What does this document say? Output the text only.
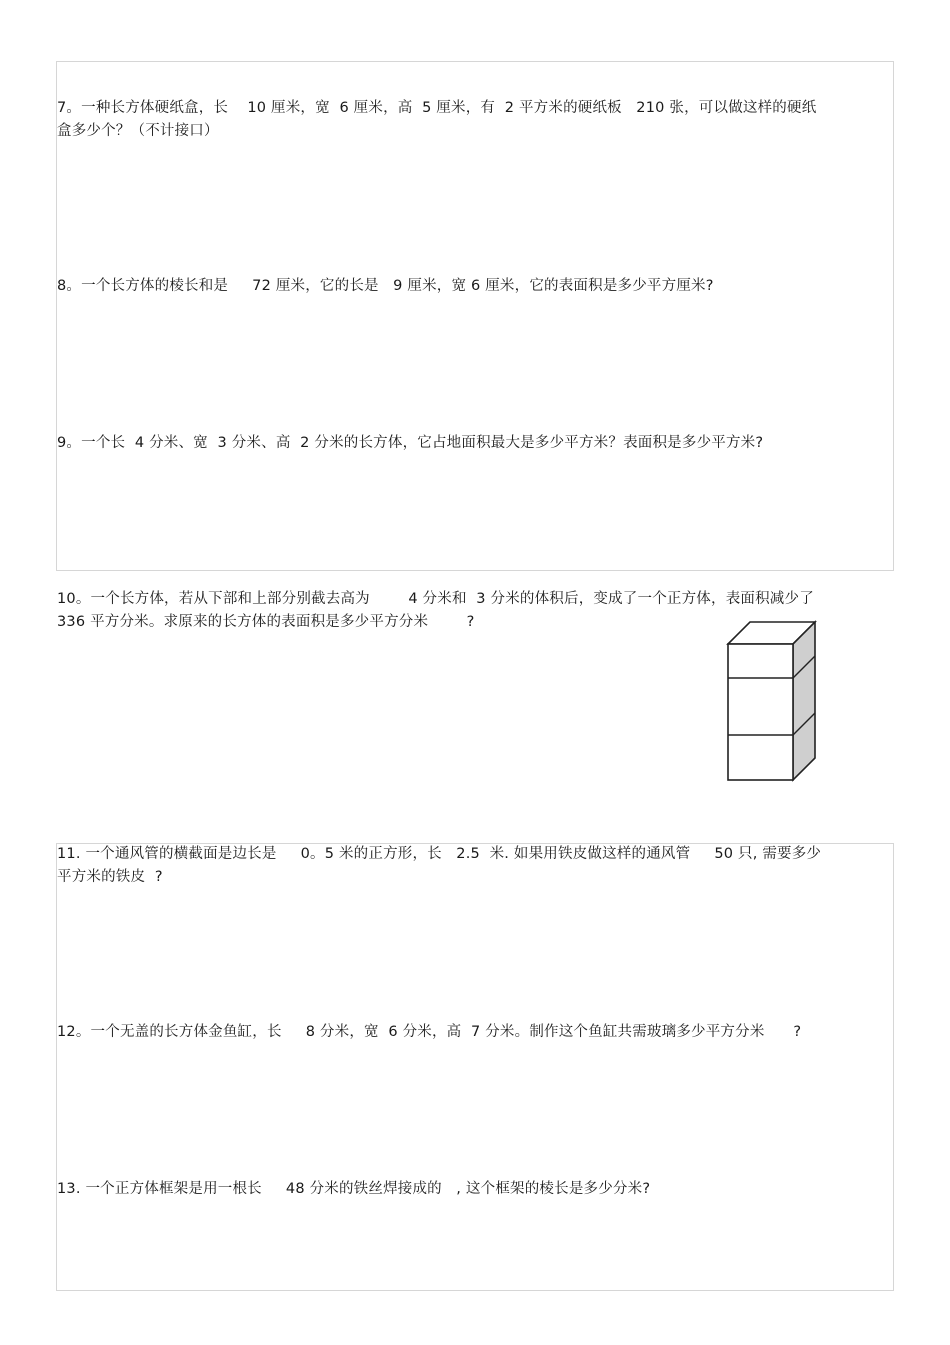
7。一种长方体硬纸盒，长    10 厘米，宽  6 厘米，高  5 厘米，有  2 平方米的硬纸板   210 张，可以做这样的硬纸
盒多少个？（不计接口）
8。一个长方体的棱长和是     72 厘米，它的长是   9 厘米，宽 6 厘米，它的表面积是多少平方厘米?
9。一个长  4 分米、宽  3 分米、高  2 分米的长方体，它占地面积最大是多少平方米？表面积是多少平方米?
10。一个长方体，若从下部和上部分别截去高为        4 分米和  3 分米的体积后，变成了一个正方体，表面积减少了
336 平方分米。求原来的长方体的表面积是多少平方分米        ?
11. 一个通风管的横截面是边长是     0。5 米的正方形，长   2.5  米. 如果用铁皮做这样的通风管     50 只, 需要多少
平方米的铁皮  ?
12。一个无盖的长方体金鱼缸，长     8 分米，宽  6 分米，高  7 分米。制作这个鱼缸共需玻璃多少平方分米      ?
13. 一个正方体框架是用一根长     48 分米的铁丝焊接成的   , 这个框架的棱长是多少分米?
